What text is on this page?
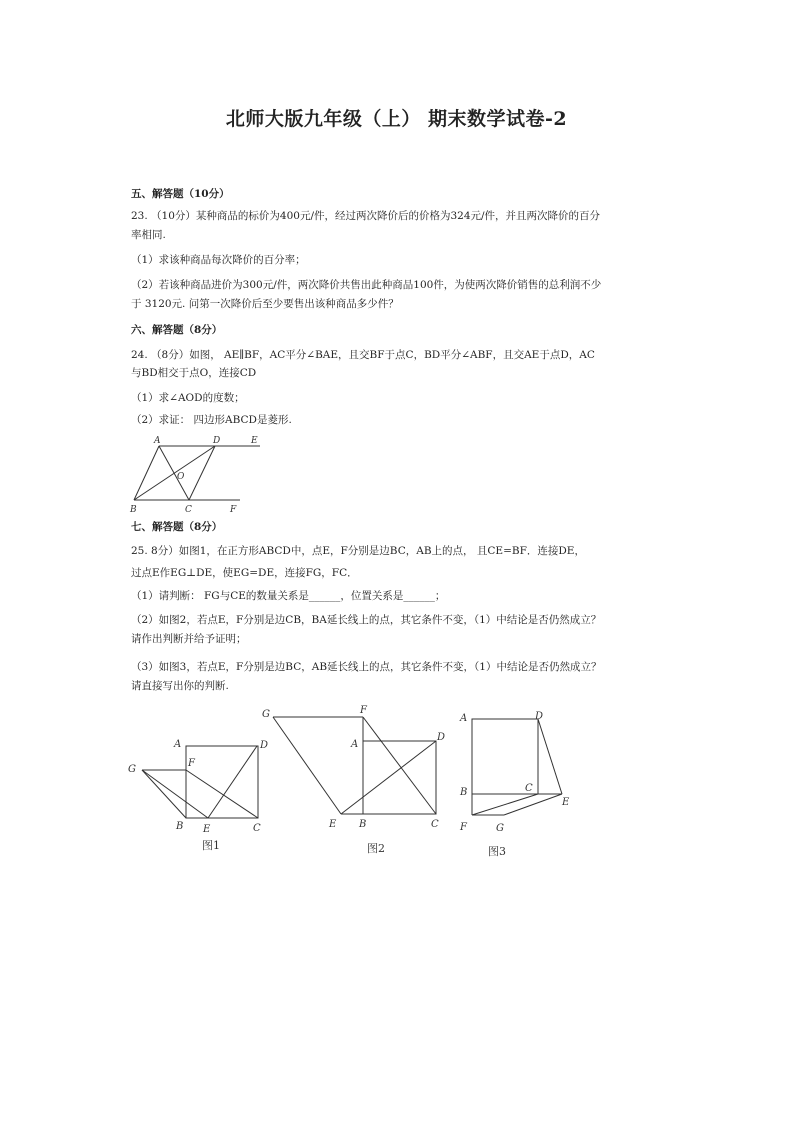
北师大版九年级（上） 期末数学试卷-2
五、解答题（10分）
23. （10分）某种商品的标价为400元/件，经过两次降价后的价格为324元/件，并且两次降价的百分
率相同.
（1）求该种商品每次降价的百分率；
（2）若该种商品进价为300元/件，两次降价共售出此种商品100件，为使两次降价销售的总利润不少
于 3120元. 问第一次降价后至少要售出该种商品多少件？
六、解答题（8分）
24. （8分）如图， AE∥BF，AC平分∠BAE，且交BF于点C，BD平分∠ABF，且交AE于点D，AC
与BD相交于点O，连接CD
（1）求∠AOD的度数；
（2）求证： 四边形ABCD是菱形.
A	D	E
O
B	C	F
七、解答题（8分）
25. 8分）如图1，在正方形ABCD中，点E，F分别是边BC，AB上的点， 且CE=BF．连接DE，
过点E作EG⊥DE，使EG=DE，连接FG，FC．
（1）请判断： FG与CE的数量关系是______，位置关系是______；
（2）如图2，若点E，F分别是边CB，BA延长线上的点，其它条件不变，（1）中结论是否仍然成立？
请作出判断并给予证明；
（3）如图3，若点E，F分别是边BC，AB延长线上的点，其它条件不变，（1）中结论是否仍然成立？
请直接写出你的判断.
A	D
G
F
B E	C
图1
G	F
A
D
E B	C
图2
A	D
C
B
E
F	G
图3
